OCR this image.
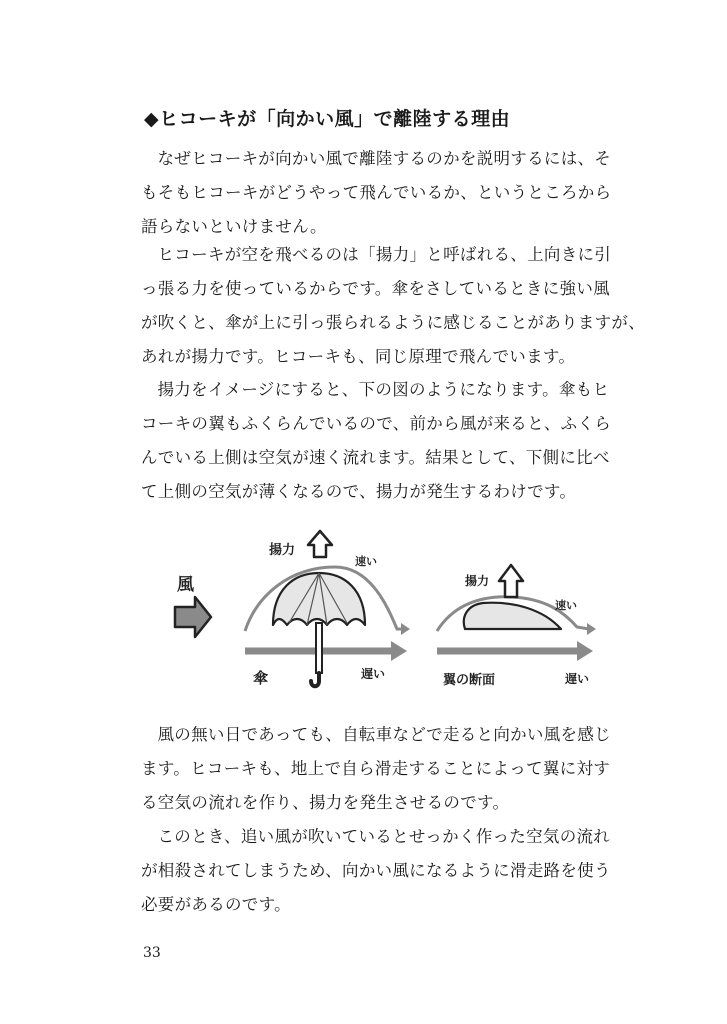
◆ヒコーキが「向かい風」で離陸する理由

なぜヒコーキが向かい風で離陸するのかを説明するには、そ
もそもヒコーキがどうやって飛んでいるか、というところから
語らないといけません。

ヒコーキが空を飛べるのは「揚力」と呼ばれる、上向きに引
っ張る力を使っているからです。傘をさしているときに強い風
が吹くと、傘が上に引っ張られるように感じることがありますが、あれが揚力です。ヒコーキも、同じ原理で飛んでいます。

揚力をイメージにすると、下の図のようになります。傘もヒ
コーキの翼もふくらんでいるので、前から風が来ると、ふくら
んでいる上側は空気が速く流れます。結果として、下側に比べ
て上側の空気が薄くなるので、揚力が発生するわけです。

風
揚力
速い
遅い
傘
揚力
速い
遅い
翼の断面

風の無い日であっても、自転車などで走ると向かい風を感じ
ます。ヒコーキも、地上で自ら滑走することによって翼に対す
る空気の流れを作り、揚力を発生させるのです。

このとき、追い風が吹いているとせっかく作った空気の流れ
が相殺されてしまうため、向かい風になるように滑走路を使う
必要があるのです。

33
